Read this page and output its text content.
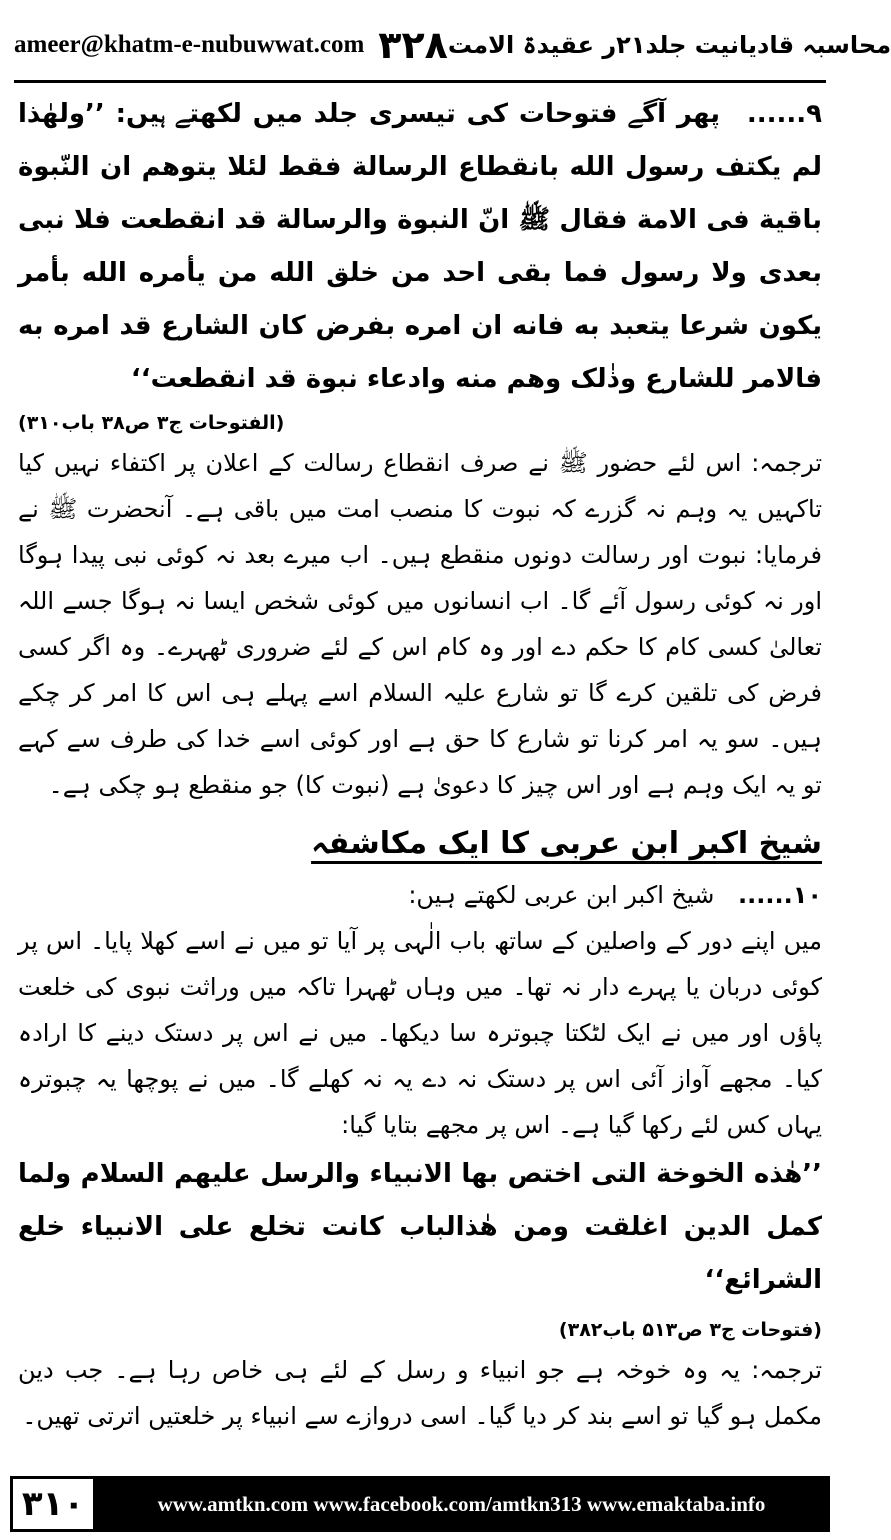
ameer@khatm-e-nubuwwat.com ۳۲۸ محاسبہ قادیانیت جلد۲۱ر عقیدۃ الامت

۹...... پھر آگے فتوحات کی تیسری جلد میں لکھتے ہیں: ’’ولهٰذا لم یکتف رسول الله بانقطاع الرسالة فقط لئلا یتوهم ان النّبوة باقیة فی الامة فقال ﷺ انّ النبوة والرسالة قد انقطعت فلا نبی بعدی ولا رسول فما بقی احد من خلق الله من یأمره الله بأمر یکون شرعا یتعبد به فانه ان امره بفرض کان الشارع قد امره به فالامر للشارع وذٰلک وهم منه وادعاء نبوة قد انقطعت‘‘

(الفتوحات ج۳ ص۳۸ باب۳۱۰)

ترجمہ: اس لئے حضور ﷺ نے صرف انقطاع رسالت کے اعلان پر اکتفاء نہیں کیا تاکہیں یہ وہم نہ گزرے کہ نبوت کا منصب امت میں باقی ہے۔ آنحضرت ﷺ نے فرمایا: نبوت اور رسالت دونوں منقطع ہیں۔ اب میرے بعد نہ کوئی نبی پیدا ہوگا اور نہ کوئی رسول آئے گا۔ اب انسانوں میں کوئی شخص ایسا نہ ہوگا جسے اللہ تعالیٰ کسی کام کا حکم دے اور وہ کام اس کے لئے ضروری ٹھہرے۔ وہ اگر کسی فرض کی تلقین کرے گا تو شارع علیہ السلام اسے پہلے ہی اس کا امر کر چکے ہیں۔ سو یہ امر کرنا تو شارع کا حق ہے اور کوئی اسے خدا کی طرف سے کہے تو یہ ایک وہم ہے اور اس چیز کا دعویٰ ہے (نبوت کا) جو منقطع ہو چکی ہے۔

شیخ اکبر ابن عربی کا ایک مکاشفہ

۱۰...... شیخ اکبر ابن عربی لکھتے ہیں:

میں اپنے دور کے واصلین کے ساتھ باب الٰہی پر آیا تو میں نے اسے کھلا پایا۔ اس پر کوئی دربان یا پہرے دار نہ تھا۔ میں وہاں ٹھہرا تاکہ میں وراثت نبوی کی خلعت پاؤں اور میں نے ایک لٹکتا چبوترہ سا دیکھا۔ میں نے اس پر دستک دینے کا ارادہ کیا۔ مجھے آواز آئی اس پر دستک نہ دے یہ نہ کھلے گا۔ میں نے پوچھا یہ چبوترہ یہاں کس لئے رکھا گیا ہے۔ اس پر مجھے بتایا گیا:

’’هٰذه الخوخة التی اختص بها الانبیاء والرسل علیهم السلام ولما کمل الدین اغلقت ومن هٰذالباب کانت تخلع علی الانبیاء خلع الشرائع‘‘

(فتوحات ج۳ ص۵۱۳ باب۳۸۲)

ترجمہ: یہ وہ خوخہ ہے جو انبیاء و رسل کے لئے ہی خاص رہا ہے۔ جب دین مکمل ہو گیا تو اسے بند کر دیا گیا۔ اسی دروازے سے انبیاء پر خلعتیں اترتی تھیں۔

۳۱۰	www.amtkn.com www.facebook.com/amtkn313 www.emaktaba.info
